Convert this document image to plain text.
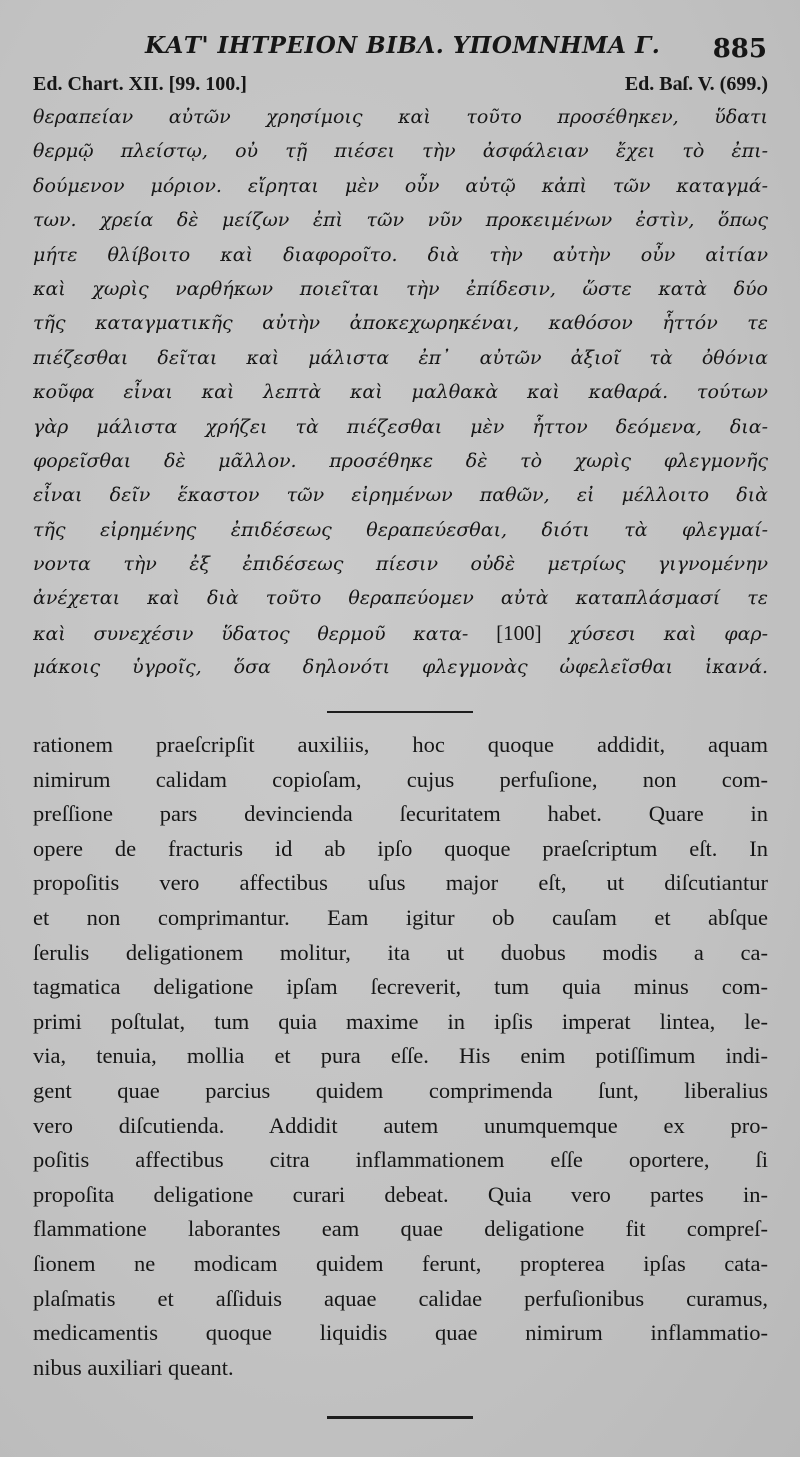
ΚΑΤ' ΙΗΤΡΕΙΟΝ ΒΙΒΛ. ΥΠΟΜΝΗΜΑ Γ. 885
Ed. Chart. XII. [99. 100.]	Ed. Baſ. V. (699.)
θεραπείαν αὐτῶν χρησίμοις καὶ τοῦτο προσέθηκεν, ὕδατι
θερμῷ πλείστῳ, οὐ τῇ πιέσει τὴν ἀσφάλειαν ἔχει τὸ ἐπι-
δούμενον μόριον. εἴρηται μὲν οὖν αὐτῷ κἀπὶ τῶν καταγμά-
των. χρεία δὲ μείζων ἐπὶ τῶν νῦν προκειμένων ἐστὶν, ὅπως
μήτε θλίβοιτο καὶ διαφοροῖτο. διὰ τὴν αὐτὴν οὖν αἰτίαν
καὶ χωρὶς ναρθήκων ποιεῖται τὴν ἐπίδεσιν, ὥστε κατὰ δύο
τῆς καταγματικῆς αὐτὴν ἀποκεχωρηκέναι, καθόσον ἧττόν τε
πιέζεσθαι δεῖται καὶ μάλιστα ἐπ᾽ αὐτῶν ἀξιοῖ τὰ ὀθόνια
κοῦφα εἶναι καὶ λεπτὰ καὶ μαλθακὰ καὶ καθαρά. τούτων
γὰρ μάλιστα χρήζει τὰ πιέζεσθαι μὲν ἧττον δεόμενα, δια-
φορεῖσθαι δὲ μᾶλλον. προσέθηκε δὲ τὸ χωρὶς φλεγμονῆς
εἶναι δεῖν ἕκαστον τῶν εἰρημένων παθῶν, εἰ μέλλοιτο διὰ
τῆς εἰρημένης ἐπιδέσεως θεραπεύεσθαι, διότι τὰ φλεγμαί-
νοντα τὴν ἐξ ἐπιδέσεως πίεσιν οὐδὲ μετρίως γιγνομένην
ἀνέχεται καὶ διὰ τοῦτο θεραπεύομεν αὐτὰ καταπλάσμασί τε
καὶ συνεχέσιν ὕδατος θερμοῦ κατα- [100] χύσεσι καὶ φαρ-
μάκοις ὑγροῖς, ὅσα δηλονότι φλεγμονὰς ὠφελεῖσθαι ἱκανά.
rationem praeſcripſit auxiliis, hoc quoque addidit, aquam
nimirum calidam copioſam, cujus perfuſione, non com-
preſſione pars devincienda ſecuritatem habet. Quare in
opere de fracturis id ab ipſo quoque praeſcriptum eſt. In
propoſitis vero affectibus uſus major eſt, ut diſcutiantur
et non comprimantur. Eam igitur ob cauſam et abſque
ſerulis deligationem molitur, ita ut duobus modis a ca-
tagmatica deligatione ipſam ſecreverit, tum quia minus com-
primi poſtulat, tum quia maxime in ipſis imperat lintea, le-
via, tenuia, mollia et pura eſſe. His enim potiſſimum indi-
gent quae parcius quidem comprimenda ſunt, liberalius
vero diſcutienda. Addidit autem unumquemque ex pro-
poſitis affectibus citra inflammationem eſſe oportere, ſi
propoſita deligatione curari debeat. Quia vero partes in-
flammatione laborantes eam quae deligatione fit compreſ-
ſionem ne modicam quidem ferunt, propterea ipſas cata-
plaſmatis et aſſiduis aquae calidae perfuſionibus curamus,
medicamentis quoque liquidis quae nimirum inflammatio-
nibus auxiliari queant.
